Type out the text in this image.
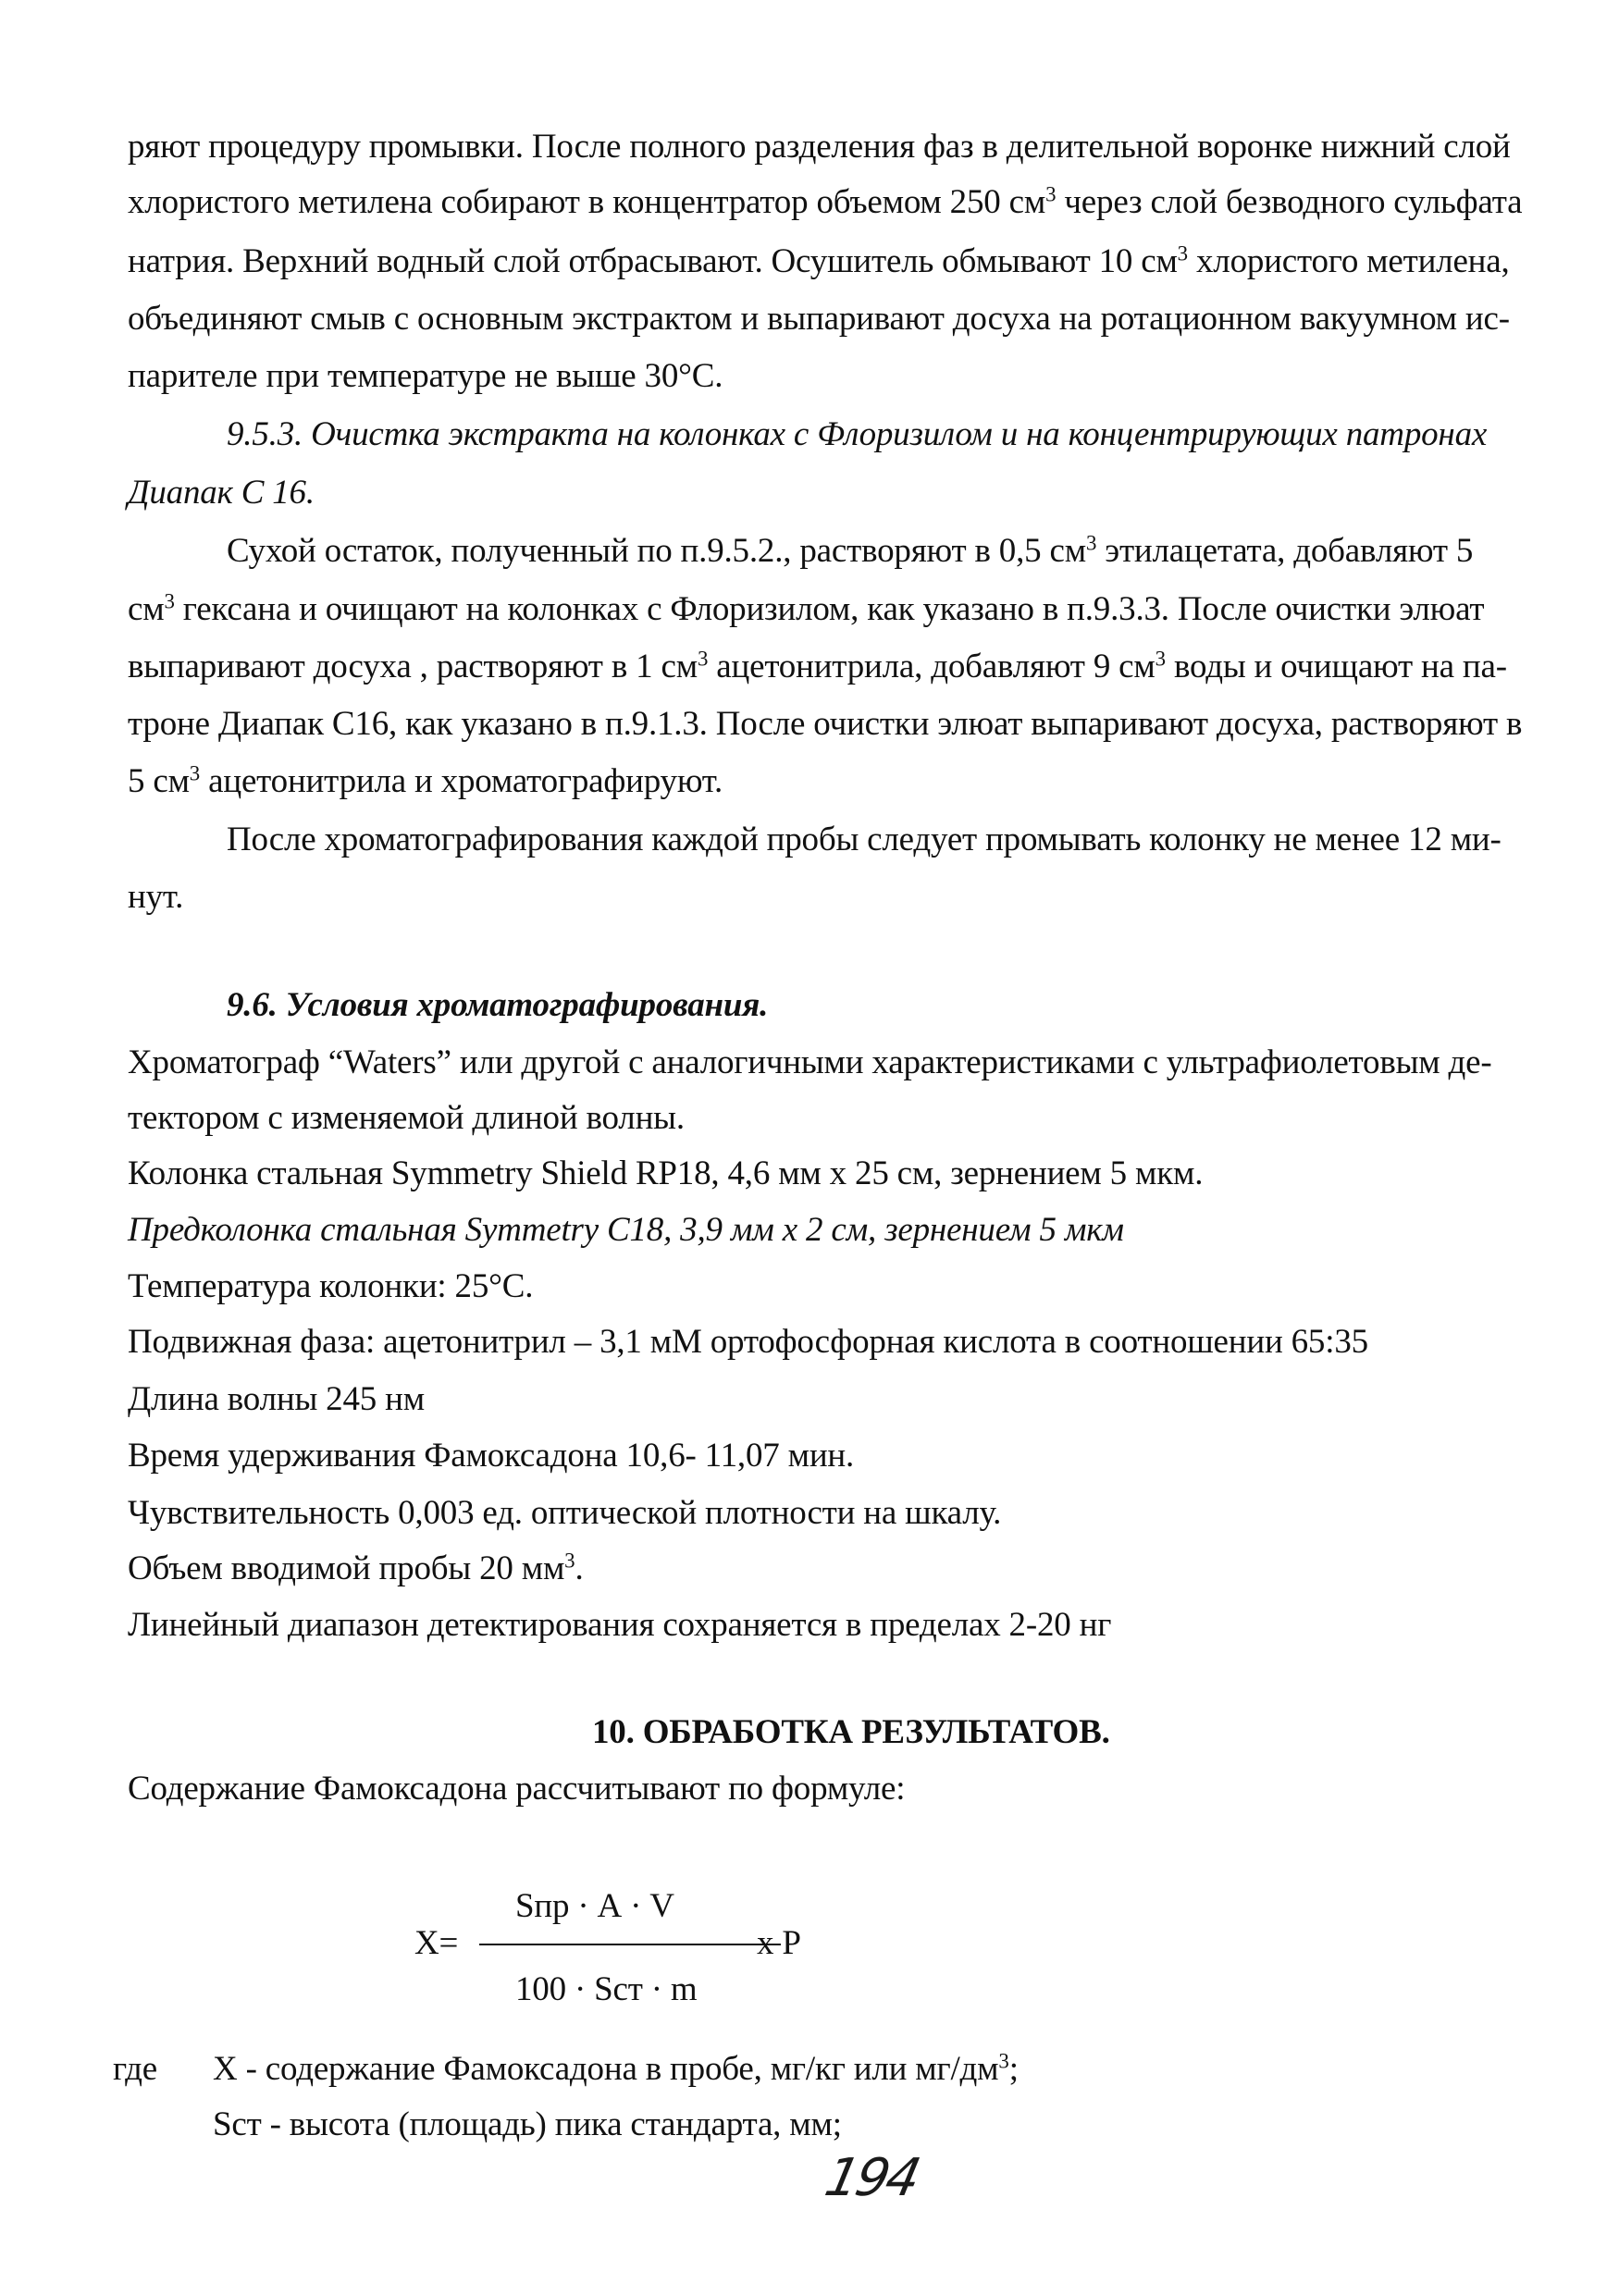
ряют процедуру промывки. После полного разделения фаз в делительной воронке нижний слой
хлористого метилена собирают в концентратор объемом 250 $см^3$ через слой безводного сульфата
натрия. Верхний водный слой отбрасывают. Осушитель обмывают 10 $см^3$ хлористого метилена,
объединяют смыв с основным экстрактом и выпаривают досуха на ротационном вакуумном ис-
парителе при температуре не выше 30°С.
9.5.3. Очистка экстракта на колонках с Флоризилом и на концентрирующих патронах
Диапак С 16.
Сухой остаток, полученный по п.9.5.2., растворяют в 0,5 $см^3$ этилацетата, добавляют 5
$см^3$ гексана и очищают на колонках с Флоризилом, как указано в п.9.3.3. После очистки элюат
выпаривают досуха , растворяют в 1 $см^3$ ацетонитрила, добавляют 9 $см^3$ воды и очищают на па-
троне Диапак С16, как указано в п.9.1.3. После очистки элюат выпаривают досуха, растворяют в
5 $см^3$ ацетонитрила и хроматографируют.
После хроматографирования каждой пробы следует промывать колонку не менее 12 ми-
нут.
9.6. Условия хроматографирования.
Хроматограф “Waters” или другой с аналогичными характеристиками с ультрафиолетовым де-
тектором с изменяемой длиной волны.
Колонка стальная Symmetry Shield RP18, 4,6 мм х 25 см, зернением 5 мкм.
Предколонка стальная Symmetry С18, 3,9 мм х 2 см, зернением 5 мкм
Температура колонки: 25°С.
Подвижная фаза: ацетонитрил – 3,1 мМ ортофосфорная кислота в соотношении 65:35
Длина волны 245 нм
Время удерживания Фамоксадона 10,6- 11,07 мин.
Чувствительность 0,003 ед. оптической плотности на шкалу.
Объем вводимой пробы 20 $мм^3$.
Линейный диапазон детектирования сохраняется в пределах 2-20 нг
10. ОБРАБОТКА РЕЗУЛЬТАТОВ.
Содержание Фамоксадона рассчитывают по формуле:
Sпр · А · V
X=	х Р
100 · Sст · m
где Х - содержание Фамоксадона в пробе, мг/кг или $мг/дм^3$;
Sст - высота (площадь) пика стандарта, мм;
194
